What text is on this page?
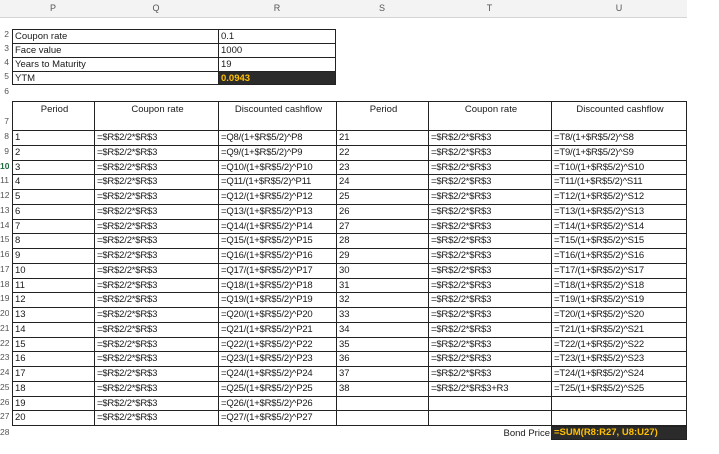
P	Q	R	S	T	U
2
3
4
5
6
7
8
9
10
11
12
13
14
15
16
17
18
19
20
21
22
23
24
25
26
27
28
Coupon rate	0.1
Face value	1000
Years to Maturity	19
YTM	0.0943
Period	Coupon rate	Discounted cashflow	Period	Coupon rate	Discounted cashflow
1	=$R$2/2*$R$3	=Q8/(1+$R$5/2)^P8	21	=$R$2/2*$R$3	=T8/(1+$R$5/2)^S8
2	=$R$2/2*$R$3	=Q9/(1+$R$5/2)^P9	22	=$R$2/2*$R$3	=T9/(1+$R$5/2)^S9
3	=$R$2/2*$R$3	=Q10/(1+$R$5/2)^P10	23	=$R$2/2*$R$3	=T10/(1+$R$5/2)^S10
4	=$R$2/2*$R$3	=Q11/(1+$R$5/2)^P11	24	=$R$2/2*$R$3	=T11/(1+$R$5/2)^S11
5	=$R$2/2*$R$3	=Q12/(1+$R$5/2)^P12	25	=$R$2/2*$R$3	=T12/(1+$R$5/2)^S12
6	=$R$2/2*$R$3	=Q13/(1+$R$5/2)^P13	26	=$R$2/2*$R$3	=T13/(1+$R$5/2)^S13
7	=$R$2/2*$R$3	=Q14/(1+$R$5/2)^P14	27	=$R$2/2*$R$3	=T14/(1+$R$5/2)^S14
8	=$R$2/2*$R$3	=Q15/(1+$R$5/2)^P15	28	=$R$2/2*$R$3	=T15/(1+$R$5/2)^S15
9	=$R$2/2*$R$3	=Q16/(1+$R$5/2)^P16	29	=$R$2/2*$R$3	=T16/(1+$R$5/2)^S16
10	=$R$2/2*$R$3	=Q17/(1+$R$5/2)^P17	30	=$R$2/2*$R$3	=T17/(1+$R$5/2)^S17
11	=$R$2/2*$R$3	=Q18/(1+$R$5/2)^P18	31	=$R$2/2*$R$3	=T18/(1+$R$5/2)^S18
12	=$R$2/2*$R$3	=Q19/(1+$R$5/2)^P19	32	=$R$2/2*$R$3	=T19/(1+$R$5/2)^S19
13	=$R$2/2*$R$3	=Q20/(1+$R$5/2)^P20	33	=$R$2/2*$R$3	=T20/(1+$R$5/2)^S20
14	=$R$2/2*$R$3	=Q21/(1+$R$5/2)^P21	34	=$R$2/2*$R$3	=T21/(1+$R$5/2)^S21
15	=$R$2/2*$R$3	=Q22/(1+$R$5/2)^P22	35	=$R$2/2*$R$3	=T22/(1+$R$5/2)^S22
16	=$R$2/2*$R$3	=Q23/(1+$R$5/2)^P23	36	=$R$2/2*$R$3	=T23/(1+$R$5/2)^S23
17	=$R$2/2*$R$3	=Q24/(1+$R$5/2)^P24	37	=$R$2/2*$R$3	=T24/(1+$R$5/2)^S24
18	=$R$2/2*$R$3	=Q25/(1+$R$5/2)^P25	38	=$R$2/2*$R$3+R3	=T25/(1+$R$5/2)^S25
19	=$R$2/2*$R$3	=Q26/(1+$R$5/2)^P26
20	=$R$2/2*$R$3	=Q27/(1+$R$5/2)^P27
Bond Price =SUM(R8:R27, U8:U27)
